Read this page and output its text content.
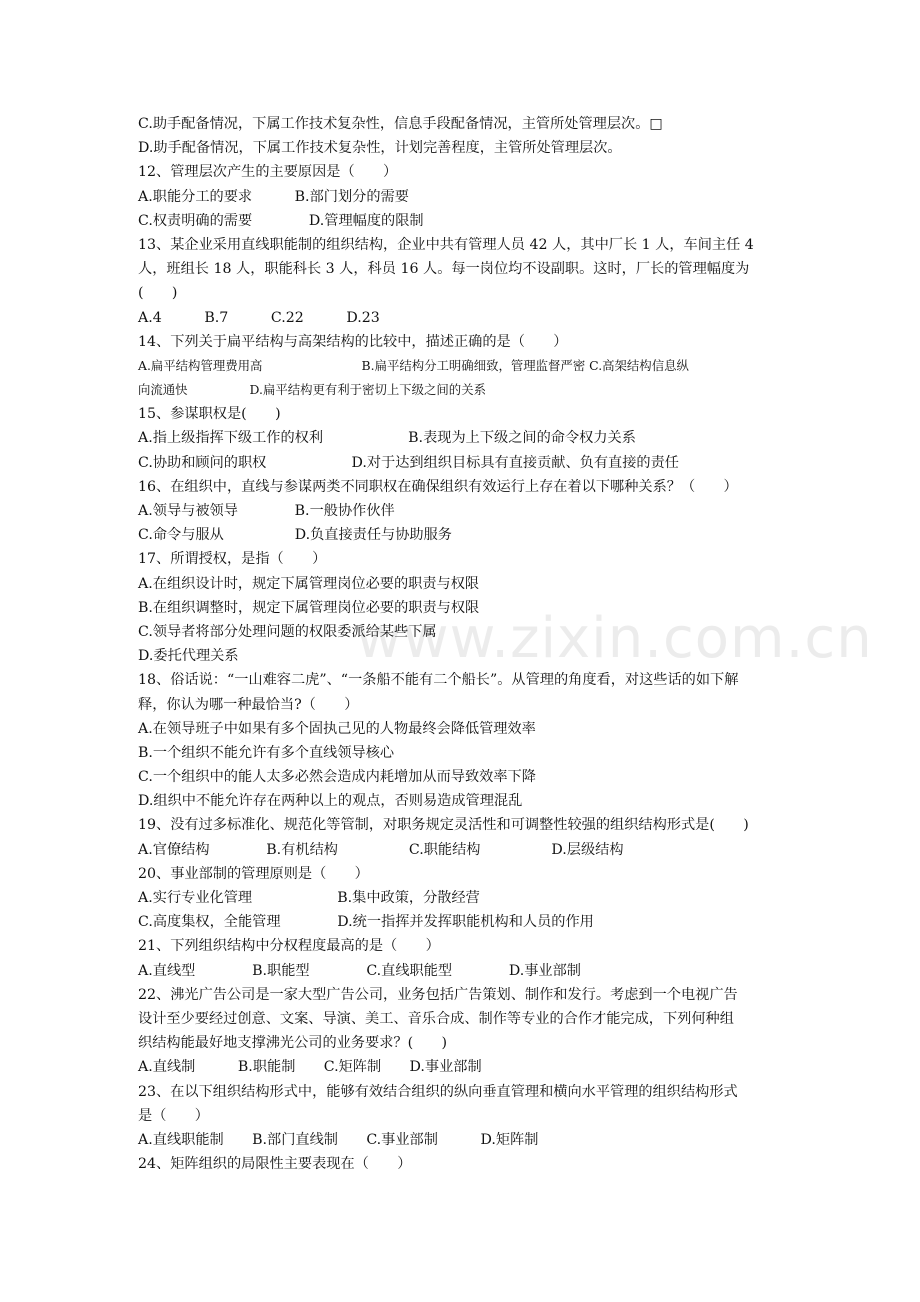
www.zixin.com.cn
C.助手配备情况，下属工作技术复杂性，信息手段配备情况，主管所处管理层次。□
D.助手配备情况，下属工作技术复杂性，计划完善程度，主管所处管理层次。
12、管理层次产生的主要原因是（　　）
A.职能分工的要求　　　B.部门划分的需要
C.权责明确的需要　　　　D.管理幅度的限制
13、某企业采用直线职能制的组织结构，企业中共有管理人员 42 人，其中厂长 1 人，车间主任 4
人，班组长 18 人，职能科长 3 人，科员 16 人。每一岗位均不设副职。这时，厂长的管理幅度为
(　　)
A.4　　　B.7　　　C.22　　　D.23
14、下列关于扁平结构与高架结构的比较中，描述正确的是（　　）
A.扁平结构管理费用高　　　　　　　　B.扁平结构分工明确细致，管理监督严密 C.高架结构信息纵
向流通快　　　　　D.扁平结构更有利于密切上下级之间的关系
15、参谋职权是(　　)
A.指上级指挥下级工作的权利　　　　　　B.表现为上下级之间的命令权力关系
C.协助和顾问的职权　　　　　　D.对于达到组织目标具有直接贡献、负有直接的责任
16、在组织中，直线与参谋两类不同职权在确保组织有效运行上存在着以下哪种关系？（　　）
A.领导与被领导　　　　B.一般协作伙伴
C.命令与服从　　　　　D.负直接责任与协助服务
17、所谓授权，是指（　　）
A.在组织设计时，规定下属管理岗位必要的职责与权限
B.在组织调整时，规定下属管理岗位必要的职责与权限
C.领导者将部分处理问题的权限委派给某些下属
D.委托代理关系
18、俗话说：“一山难容二虎”、“一条船不能有二个船长”。从管理的角度看，对这些话的如下解
释，你认为哪一种最恰当?（　　）
A.在领导班子中如果有多个固执己见的人物最终会降低管理效率
B.一个组织不能允许有多个直线领导核心
C.一个组织中的能人太多必然会造成内耗增加从而导致效率下降
D.组织中不能允许存在两种以上的观点，否则易造成管理混乱
19、没有过多标准化、规范化等管制，对职务规定灵活性和可调整性较强的组织结构形式是(　　)
A.官僚结构　　　　B.有机结构　　　　　C.职能结构　　　　　D.层级结构
20、事业部制的管理原则是（　　）
A.实行专业化管理　　　　　　B.集中政策，分散经营
C.高度集权，全能管理　　　　D.统一指挥并发挥职能机构和人员的作用
21、下列组织结构中分权程度最高的是（　　）
A.直线型　　　　B.职能型　　　　C.直线职能型　　　　D.事业部制
22、沸光广告公司是一家大型广告公司，业务包括广告策划、制作和发行。考虑到一个电视广告
设计至少要经过创意、文案、导演、美工、音乐合成、制作等专业的合作才能完成，下列何种组
织结构能最好地支撑沸光公司的业务要求？(　　)
A.直线制　　　B.职能制　　C.矩阵制　　D.事业部制
23、在以下组织结构形式中，能够有效结合组织的纵向垂直管理和横向水平管理的组织结构形式
是（　　）
A.直线职能制　　B.部门直线制　　C.事业部制　　　D.矩阵制
24、矩阵组织的局限性主要表现在（　　）
